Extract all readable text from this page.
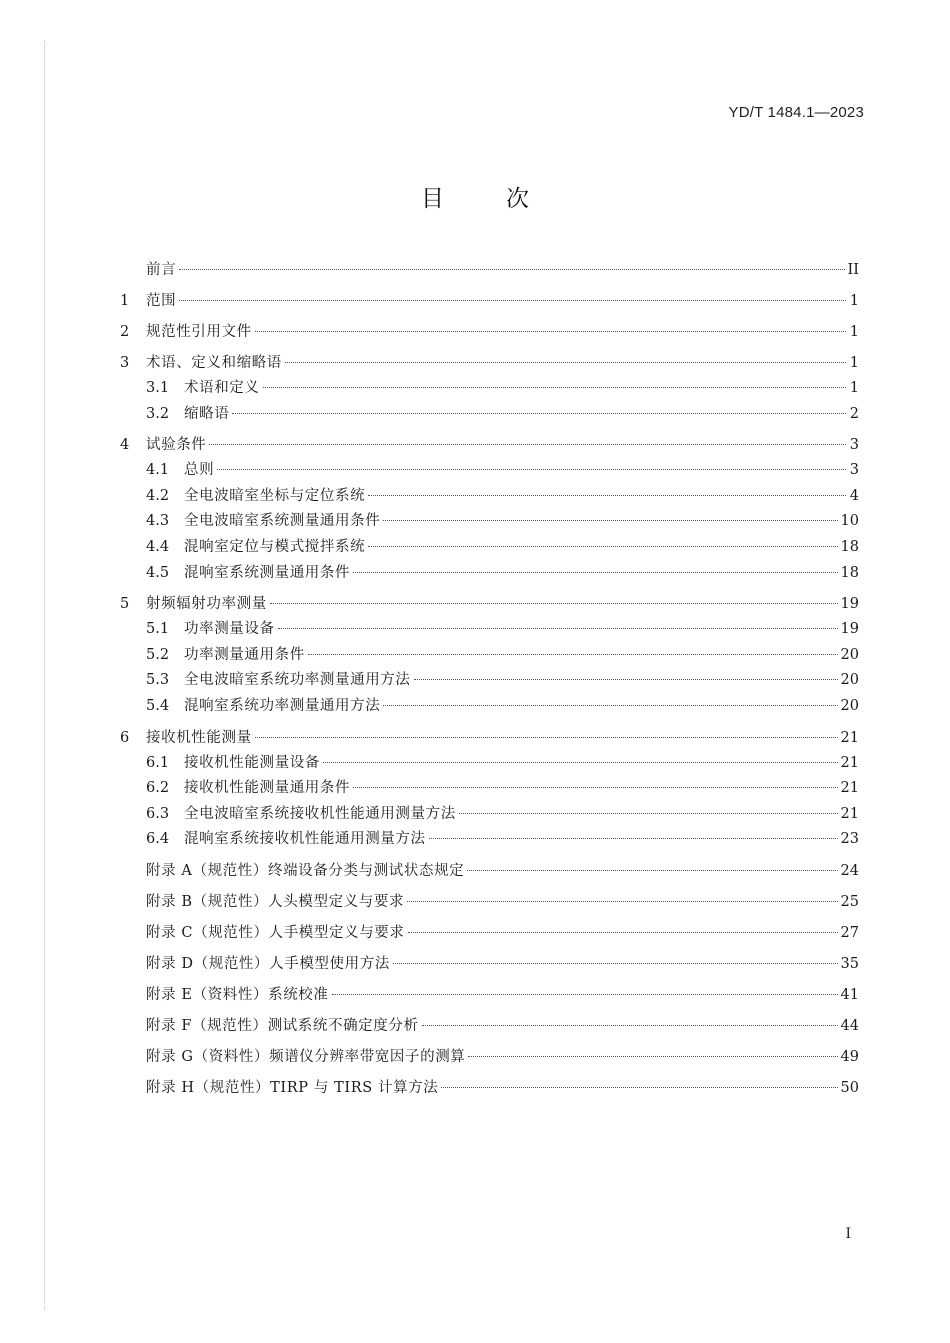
YD/T 1484.1—2023
目次
前言	II
1	范围	1
2	规范性引用文件	1
3	术语、定义和缩略语	1
3.1	术语和定义	1
3.2	缩略语	2
4	试验条件	3
4.1	总则	3
4.2	全电波暗室坐标与定位系统	4
4.3	全电波暗室系统测量通用条件	10
4.4	混响室定位与模式搅拌系统	18
4.5	混响室系统测量通用条件	18
5	射频辐射功率测量	19
5.1	功率测量设备	19
5.2	功率测量通用条件	20
5.3	全电波暗室系统功率测量通用方法	20
5.4	混响室系统功率测量通用方法	20
6	接收机性能测量	21
6.1	接收机性能测量设备	21
6.2	接收机性能测量通用条件	21
6.3	全电波暗室系统接收机性能通用测量方法	21
6.4	混响室系统接收机性能通用测量方法	23
附录 A（规范性）终端设备分类与测试状态规定	24
附录 B（规范性）人头模型定义与要求	25
附录 C（规范性）人手模型定义与要求	27
附录 D（规范性）人手模型使用方法	35
附录 E（资料性）系统校准	41
附录 F（规范性）测试系统不确定度分析	44
附录 G（资料性）频谱仪分辨率带宽因子的测算	49
附录 H（规范性）TIRP 与 TIRS 计算方法	50
I
